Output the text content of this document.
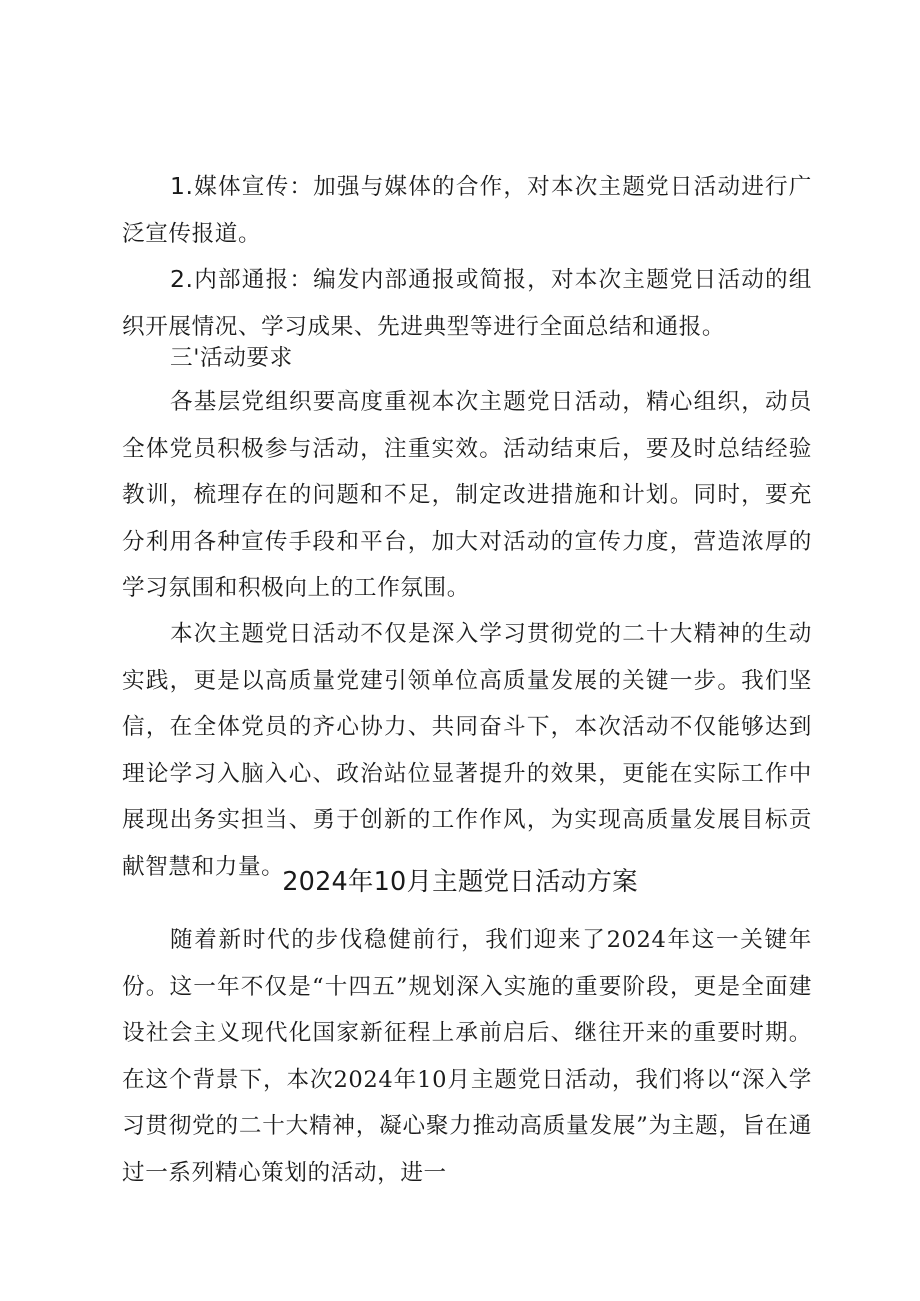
1.媒体宣传：加强与媒体的合作，对本次主题党日活动进行广泛宣传报道。

2.内部通报：编发内部通报或简报，对本次主题党日活动的组织开展情况、学习成果、先进典型等进行全面总结和通报。

三'活动要求

各基层党组织要高度重视本次主题党日活动，精心组织，动员全体党员积极参与活动，注重实效。活动结束后，要及时总结经验教训，梳理存在的问题和不足，制定改进措施和计划。同时，要充分利用各种宣传手段和平台，加大对活动的宣传力度，营造浓厚的学习氛围和积极向上的工作氛围。

本次主题党日活动不仅是深入学习贯彻党的二十大精神的生动实践，更是以高质量党建引领单位高质量发展的关键一步。我们坚信，在全体党员的齐心协力、共同奋斗下，本次活动不仅能够达到理论学习入脑入心、政治站位显著提升的效果，更能在实际工作中展现出务实担当、勇于创新的工作作风，为实现高质量发展目标贡献智慧和力量。

2024年10月主题党日活动方案

随着新时代的步伐稳健前行，我们迎来了2024年这一关键年份。这一年不仅是“十四五”规划深入实施的重要阶段，更是全面建设社会主义现代化国家新征程上承前启后、继往开来的重要时期。在这个背景下，本次2024年10月主题党日活动，我们将以“深入学习贯彻党的二十大精神，凝心聚力推动高质量发展”为主题，旨在通过一系列精心策划的活动，进一
